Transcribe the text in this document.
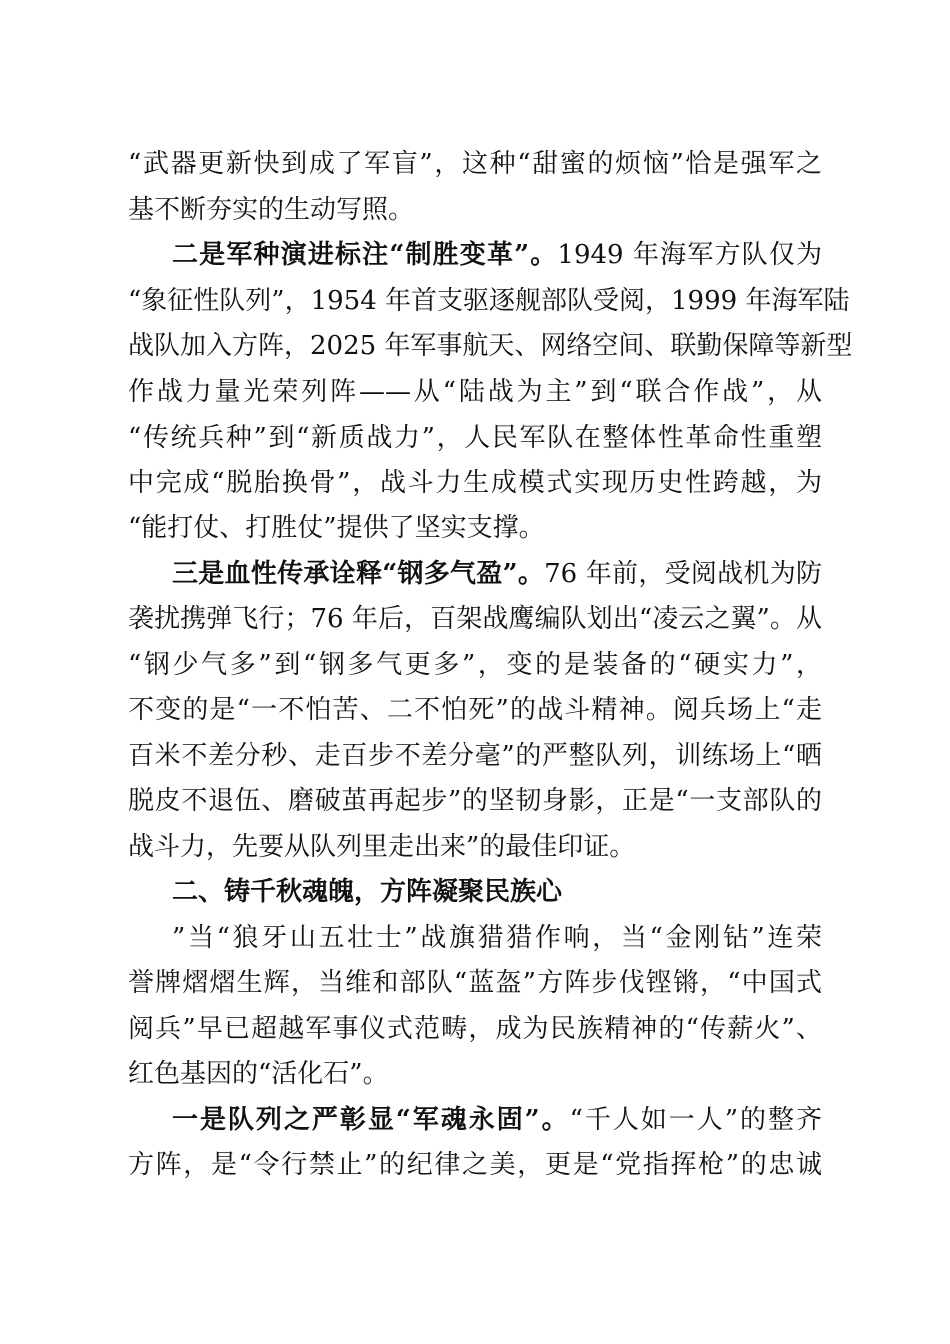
“武器更新快到成了军盲”，这种“甜蜜的烦恼”恰是强军之
基不断夯实的生动写照。
二是军种演进标注“制胜变革”。1949 年海军方队仅为
“象征性队列”，1954 年首支驱逐舰部队受阅，1999 年海军陆
战队加入方阵，2025 年军事航天、网络空间、联勤保障等新型
作战力量光荣列阵——从“陆战为主”到“联合作战”，从
“传统兵种”到“新质战力”，人民军队在整体性革命性重塑
中完成“脱胎换骨”，战斗力生成模式实现历史性跨越，为
“能打仗、打胜仗”提供了坚实支撑。
三是血性传承诠释“钢多气盈”。76 年前，受阅战机为防
袭扰携弹飞行；76 年后，百架战鹰编队划出“凌云之翼”。从
“钢少气多”到“钢多气更多”，变的是装备的“硬实力”，
不变的是“一不怕苦、二不怕死”的战斗精神。阅兵场上“走
百米不差分秒、走百步不差分毫”的严整队列，训练场上“晒
脱皮不退伍、磨破茧再起步”的坚韧身影，正是“一支部队的
战斗力，先要从队列里走出来”的最佳印证。
二、铸千秋魂魄，方阵凝聚民族心
”当“狼牙山五壮士”战旗猎猎作响，当“金刚钻”连荣
誉牌熠熠生辉，当维和部队“蓝盔”方阵步伐铿锵，“中国式
阅兵”早已超越军事仪式范畴，成为民族精神的“传薪火”、
红色基因的“活化石”。
一是队列之严彰显“军魂永固”。“千人如一人”的整齐
方阵，是“令行禁止”的纪律之美，更是“党指挥枪”的忠诚
